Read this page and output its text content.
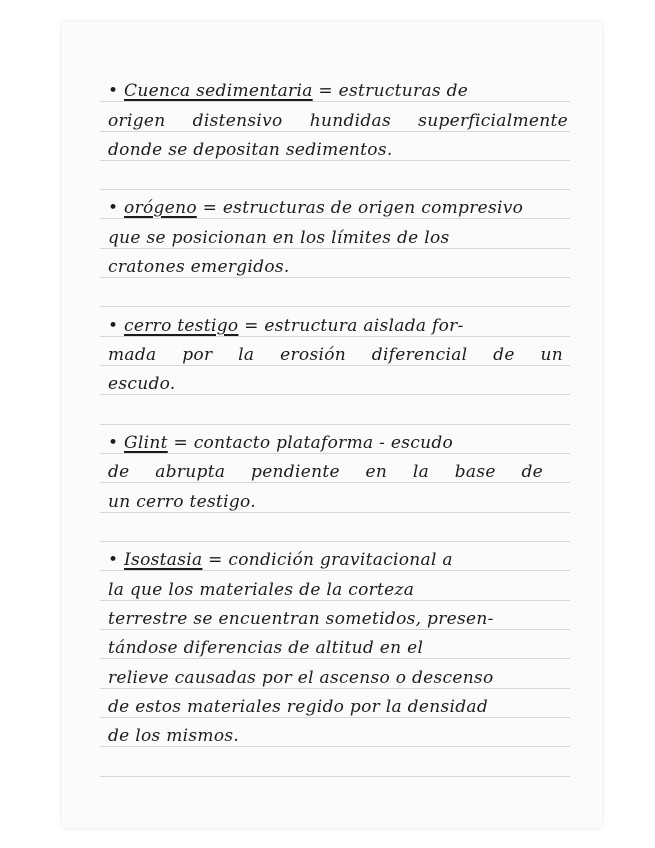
• Cuenca sedimentaria = estructuras de
origen distensivo hundidas superficialmente
donde se depositan sedimentos.
• orógeno = estructuras de origen compresivo
que se posicionan en los límites de los
cratones emergidos.
• cerro testigo = estructura aislada for-
mada por la erosión diferencial de un
escudo.
• Glint = contacto plataforma - escudo
de abrupta pendiente en la base de
un cerro testigo.
• Isostasia = condición gravitacional a
la que los materiales de la corteza
terrestre se encuentran sometidos, presen-
tándose diferencias de altitud en el
relieve causadas por el ascenso o descenso
de estos materiales regido por la densidad
de los mismos.
